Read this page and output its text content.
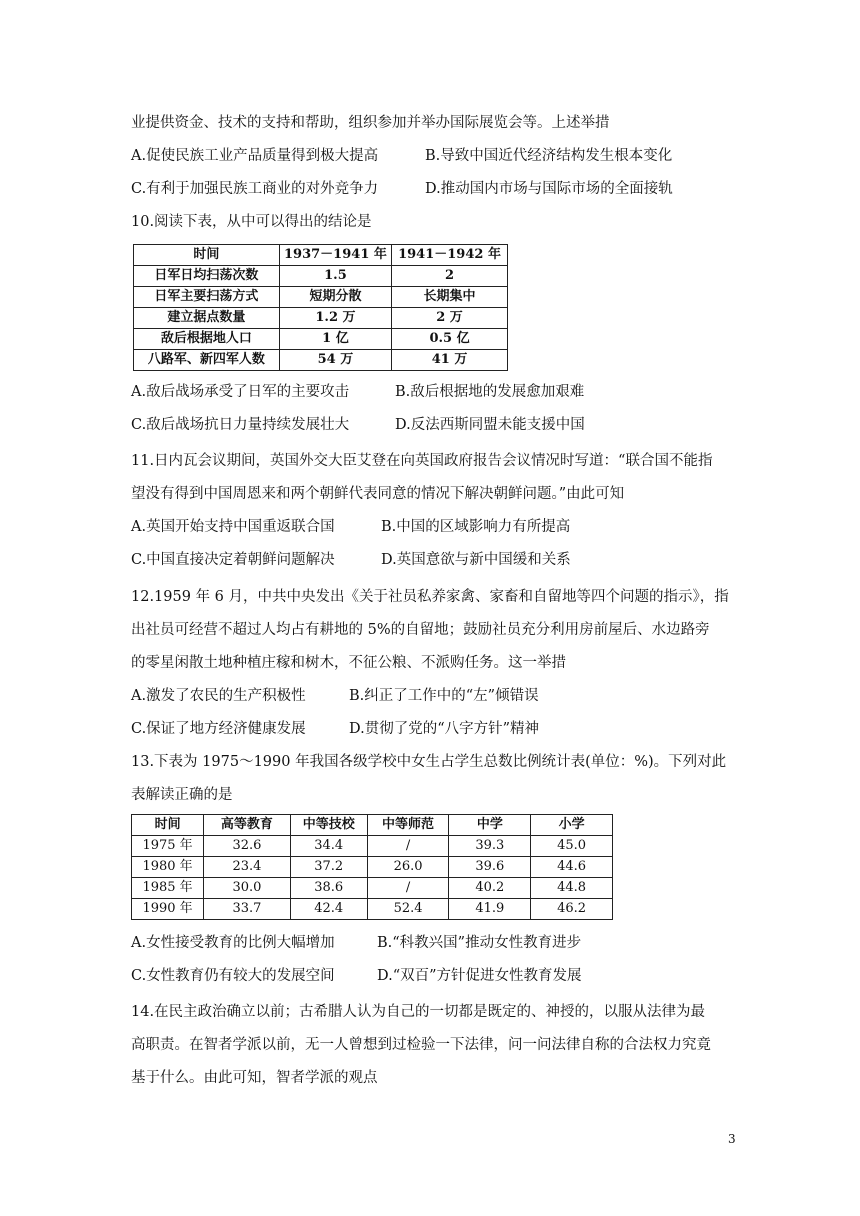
业提供资金、技术的支持和帮助，组织参加并举办国际展览会等。上述举措
A.促使民族工业产品质量得到极大提高	B.导致中国近代经济结构发生根本变化
C.有利于加强民族工商业的对外竞争力	D.推动国内市场与国际市场的全面接轨
10.阅读下表，从中可以得出的结论是
时间	1937－1941 年	1941－1942 年
日军日均扫荡次数	1.5	2
日军主要扫荡方式	短期分散	长期集中
建立据点数量	1.2 万	2 万
敌后根据地人口	1 亿	0.5 亿
八路军、新四军人数	54 万	41 万
A.敌后战场承受了日军的主要攻击	B.敌后根据地的发展愈加艰难
C.敌后战场抗日力量持续发展壮大	D.反法西斯同盟未能支援中国
11.日内瓦会议期间，英国外交大臣艾登在向英国政府报告会议情况时写道：“联合国不能指
望没有得到中国周恩来和两个朝鲜代表同意的情况下解决朝鲜问题。”由此可知
A.英国开始支持中国重返联合国	B.中国的区域影响力有所提高
C.中国直接决定着朝鲜问题解决	D.英国意欲与新中国缓和关系
12.1959 年 6 月，中共中央发出《关于社员私养家禽、家畜和自留地等四个问题的指示》，指
出社员可经营不超过人均占有耕地的 5%的自留地；鼓励社员充分利用房前屋后、水边路旁
的零星闲散土地种植庄稼和树木，不征公粮、不派购任务。这一举措
A.激发了农民的生产积极性	B.纠正了工作中的“左”倾错误
C.保证了地方经济健康发展	D.贯彻了党的“八字方针”精神
13.下表为 1975～1990 年我国各级学校中女生占学生总数比例统计表(单位：%)。下列对此
表解读正确的是
时间	高等教育	中等技校	中等师范	中学	小学
1975 年	32.6	34.4	/	39.3	45.0
1980 年	23.4	37.2	26.0	39.6	44.6
1985 年	30.0	38.6	/	40.2	44.8
1990 年	33.7	42.4	52.4	41.9	46.2
A.女性接受教育的比例大幅增加	B.“科教兴国”推动女性教育进步
C.女性教育仍有较大的发展空间	D.“双百”方针促进女性教育发展
14.在民主政治确立以前；古希腊人认为自己的一切都是既定的、神授的，以服从法律为最
高职责。在智者学派以前，无一人曾想到过检验一下法律，问一问法律自称的合法权力究竟
基于什么。由此可知，智者学派的观点
3
